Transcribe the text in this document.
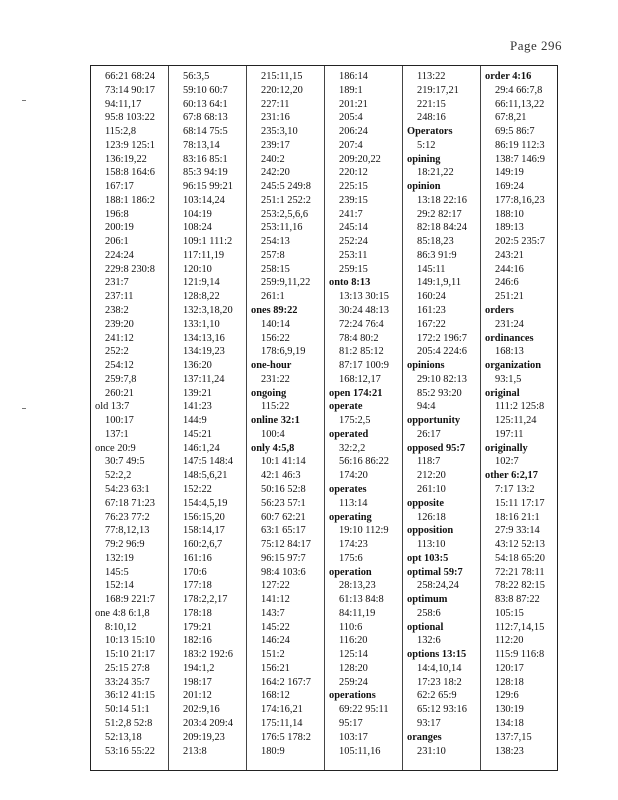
Page 296
66:21 68:24
73:14 90:17
94:11,17
95:8 103:22
115:2,8
123:9 125:1
136:19,22
158:8 164:6
167:17
188:1 186:2
196:8
200:19
206:1
224:24
229:8 230:8
231:7
237:11
238:2
239:20
241:12
252:2
254:12
259:7,8
260:21
old 13:7
100:17
137:1
once 20:9
30:7 49:5
52:2,2
54:23 63:1
67:18 71:23
76:23 77:2
77:8,12,13
79:2 96:9
132:19
145:5
152:14
168:9 221:7
one 4:8 6:1,8
8:10,12
10:13 15:10
15:10 21:17
25:15 27:8
33:24 35:7
36:12 41:15
50:14 51:1
51:2,8 52:8
52:13,18
53:16 55:22
56:3,5
59:10 60:7
60:13 64:1
67:8 68:13
68:14 75:5
78:13,14
83:16 85:1
85:3 94:19
96:15 99:21
103:14,24
104:19
108:24
109:1 111:2
117:11,19
120:10
121:9,14
128:8,22
132:3,18,20
133:1,10
134:13,16
134:19,23
136:20
137:11,24
139:21
141:23
144:9
145:21
146:1,24
147:5 148:4
148:5,6,21
152:22
154:4,5,19
156:15,20
158:14,17
160:2,6,7
161:16
170:6
177:18
178:2,2,17
178:18
179:21
182:16
183:2 192:6
194:1,2
198:17
201:12
202:9,16
203:4 209:4
209:19,23
213:8
215:11,15
220:12,20
227:11
231:16
235:3,10
239:17
240:2
242:20
245:5 249:8
251:1 252:2
253:2,5,6,6
253:11,16
254:13
257:8
258:15
259:9,11,22
261:1
ones 89:22
140:14
156:22
178:6,9,19
one-hour
231:22
ongoing
115:22
online 32:1
100:4
only 4:5,8
10:1 41:14
42:1 46:3
50:16 52:8
56:23 57:1
60:7 62:21
63:1 65:17
75:12 84:17
96:15 97:7
98:4 103:6
127:22
141:12
143:7
145:22
146:24
151:2
156:21
164:2 167:7
168:12
174:16,21
175:11,14
176:5 178:2
180:9
186:14
189:1
201:21
205:4
206:24
207:4
209:20,22
220:12
225:15
239:15
241:7
245:14
252:24
253:11
259:15
onto 8:13
13:13 30:15
30:24 48:13
72:24 76:4
78:4 80:2
81:2 85:12
87:17 100:9
168:12,17
open 174:21
operate
175:2,5
operated
32:2,2
56:16 86:22
174:20
operates
113:14
operating
19:10 112:9
174:23
175:6
operation
28:13,23
61:13 84:8
84:11,19
110:6
116:20
125:14
128:20
259:24
operations
69:22 95:11
95:17
103:17
105:11,16
113:22
219:17,21
221:15
248:16
Operators
5:12
opining
18:21,22
opinion
13:18 22:16
29:2 82:17
82:18 84:24
85:18,23
86:3 91:9
145:11
149:1,9,11
160:24
161:23
167:22
172:2 196:7
205:4 224:6
opinions
29:10 82:13
85:2 93:20
94:4
opportunity
26:17
opposed 95:7
118:7
212:20
261:10
opposite
126:18
opposition
113:10
opt 103:5
optimal 59:7
258:24,24
optimum
258:6
optional
132:6
options 13:15
14:4,10,14
17:23 18:2
62:2 65:9
65:12 93:16
93:17
oranges
231:10
order 4:16
29:4 66:7,8
66:11,13,22
67:8,21
69:5 86:7
86:19 112:3
138:7 146:9
149:19
169:24
177:8,16,23
188:10
189:13
202:5 235:7
243:21
244:16
246:6
251:21
orders
231:24
ordinances
168:13
organization
93:1,5
original
111:2 125:8
125:11,24
197:11
originally
102:7
other 6:2,17
7:17 13:2
15:11 17:17
18:16 21:1
27:9 33:14
43:12 52:13
54:18 65:20
72:21 78:11
78:22 82:15
83:8 87:22
105:15
112:7,14,15
112:20
115:9 116:8
120:17
128:18
129:6
130:19
134:18
137:7,15
138:23
